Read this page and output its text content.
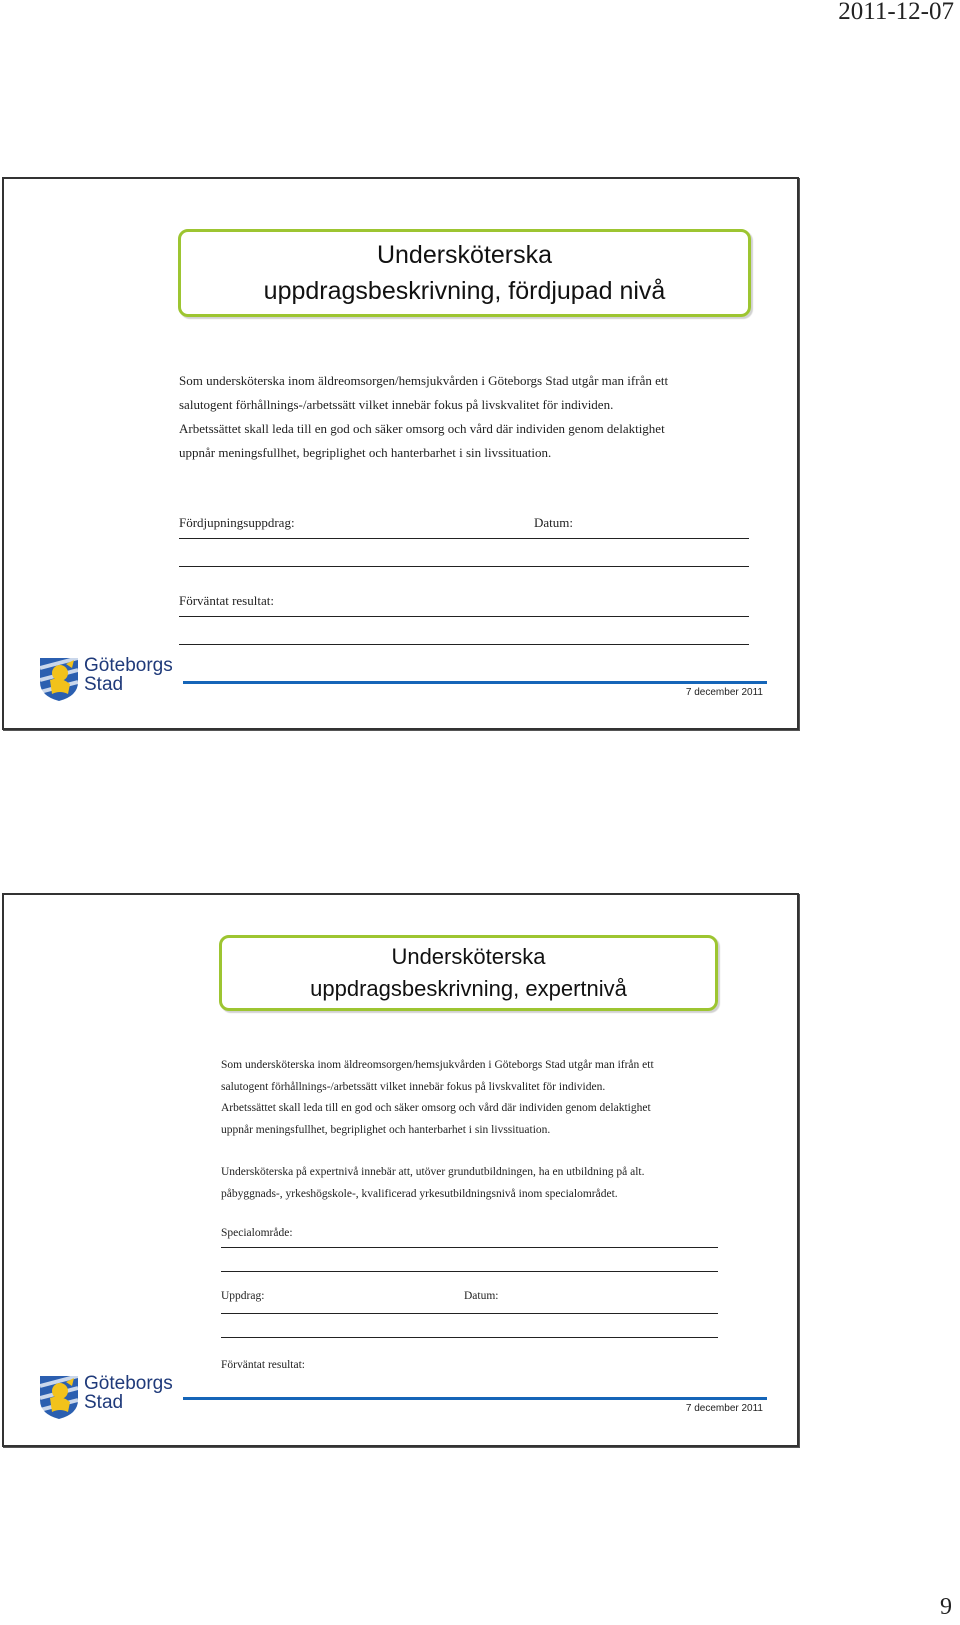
2011-12-07
Undersköterska
uppdragsbeskrivning, fördjupad nivå
Som undersköterska inom äldreomsorgen/hemsjukvården i Göteborgs Stad utgår man ifrån ett
salutogent förhållnings-/arbetssätt vilket innebär fokus på livskvalitet för individen.
Arbetssättet skall leda till en god och säker omsorg och vård där individen genom delaktighet
uppnår meningsfullhet, begriplighet och hanterbarhet i sin livssituation.
Fördjupningsuppdrag:	Datum:
Förväntat resultat:
Göteborgs
Stad	7 december 2011
Undersköterska
uppdragsbeskrivning, expertnivå
Som undersköterska inom äldreomsorgen/hemsjukvården i Göteborgs Stad utgår man ifrån ett
salutogent förhållnings-/arbetssätt vilket innebär fokus på livskvalitet för individen.
Arbetssättet skall leda till en god och säker omsorg och vård där individen genom delaktighet
uppnår meningsfullhet, begriplighet och hanterbarhet i sin livssituation.
Undersköterska på expertnivå innebär att, utöver grundutbildningen, ha en utbildning på alt.
påbyggnads-, yrkeshögskole-, kvalificerad yrkesutbildningsnivå inom specialområdet.
Specialområde:
Uppdrag:	Datum:
Förväntat resultat:
Göteborgs
Stad	7 december 2011
9
